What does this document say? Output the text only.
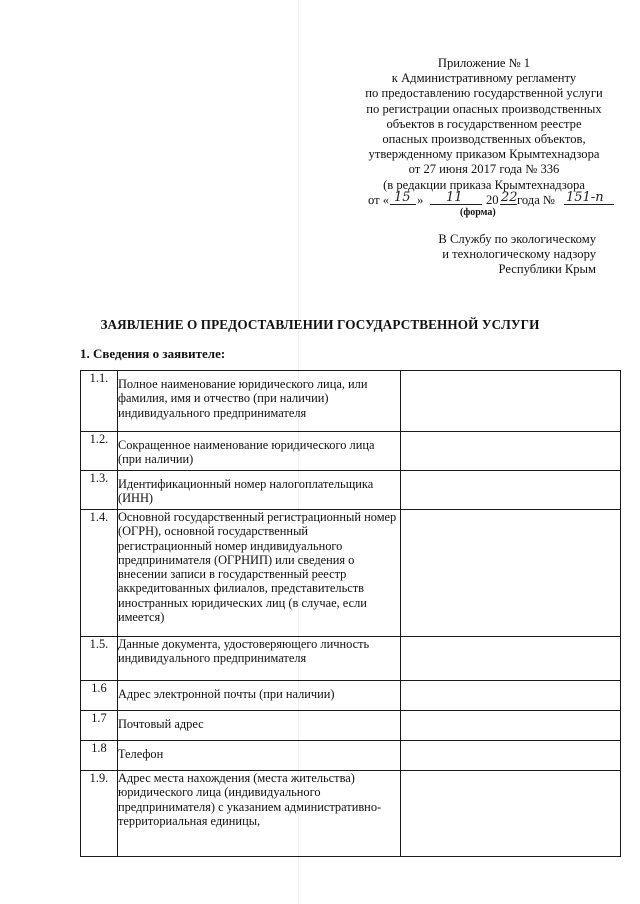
Приложение № 1
к Административному регламенту
по предоставлению государственной услуги
по регистрации опасных производственных
объектов в государственном реестре
опасных производственных объектов,
утвержденному приказом Крымтехнадзора
от 27 июня 2017 года № 336
(в редакции приказа Крымтехнадзора
от « 15 » 11 20 22 года № 151-п
(форма)
В Службу по экологическому
и технологическому надзору
Республики Крым
ЗАЯВЛЕНИЕ О ПРЕДОСТАВЛЕНИИ ГОСУДАРСТВЕННОЙ УСЛУГИ
1. Сведения о заявителе:
1.1.	Полное наименование юридического лица, или фамилия, имя и отчество (при наличии) индивидуального предпринимателя	
1.2.	Сокращенное наименование юридического лица (при наличии)	
1.3.	Идентификационный номер налогоплательщика (ИНН)	
1.4.	Основной государственный регистрационный номер (ОГРН), основной государственный регистрационный номер индивидуального предпринимателя (ОГРНИП) или сведения о внесении записи в государственный реестр аккредитованных филиалов, представительств иностранных юридических лиц (в случае, если имеется)	
1.5.	Данные документа, удостоверяющего личность индивидуального предпринимателя	
1.6	Адрес электронной почты (при наличии)	
1.7	Почтовый адрес	
1.8	Телефон	
1.9.	Адрес места нахождения (места жительства) юридического лица (индивидуального предпринимателя) с указанием административно-территориальная единицы,	
